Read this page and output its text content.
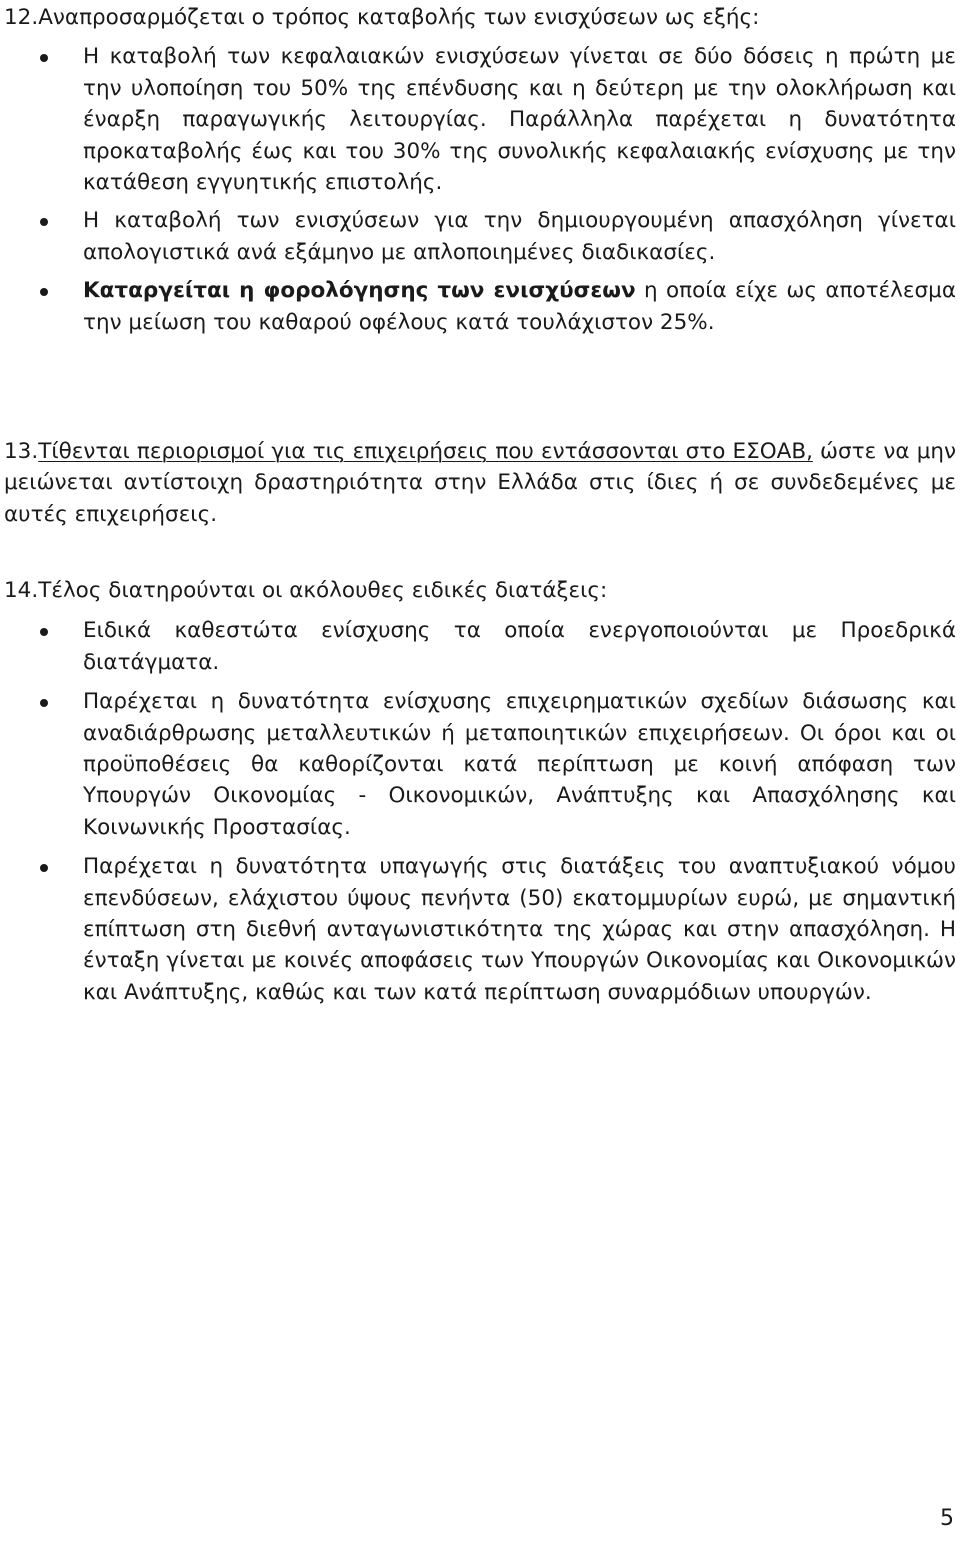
12.Αναπροσαρμόζεται ο τρόπος καταβολής των ενισχύσεων ως εξής:
Η καταβολή των κεφαλαιακών ενισχύσεων γίνεται σε δύο δόσεις η πρώτη με την υλοποίηση του 50% της επένδυσης και η δεύτερη με την ολοκλήρωση και έναρξη παραγωγικής λειτουργίας. Παράλληλα παρέχεται η δυνατότητα προκαταβολής έως και του 30% της συνολικής κεφαλαιακής ενίσχυσης με την κατάθεση εγγυητικής επιστολής.
Η καταβολή των ενισχύσεων για την δημιουργουμένη απασχόληση γίνεται απολογιστικά ανά εξάμηνο με απλοποιημένες διαδικασίες.
Καταργείται η φορολόγησης των ενισχύσεων η οποία είχε ως αποτέλεσμα την μείωση του καθαρού οφέλους κατά τουλάχιστον 25%.
13.Τίθενται περιορισμοί για τις επιχειρήσεις που εντάσσονται στο ΕΣΟΑΒ, ώστε να μην μειώνεται αντίστοιχη δραστηριότητα στην Ελλάδα στις ίδιες ή σε συνδεδεμένες με αυτές επιχειρήσεις.
14.Τέλος διατηρούνται οι ακόλουθες ειδικές διατάξεις:
Ειδικά καθεστώτα ενίσχυσης τα οποία ενεργοποιούνται με Προεδρικά διατάγματα.
Παρέχεται η δυνατότητα ενίσχυσης επιχειρηματικών σχεδίων διάσωσης και αναδιάρθρωσης μεταλλευτικών ή μεταποιητικών επιχειρήσεων. Οι όροι και οι προϋποθέσεις θα καθορίζονται κατά περίπτωση με κοινή απόφαση των Υπουργών Οικονομίας - Οικονομικών, Ανάπτυξης και Απασχόλησης και Κοινωνικής Προστασίας.
Παρέχεται η δυνατότητα υπαγωγής στις διατάξεις του αναπτυξιακού νόμου επενδύσεων, ελάχιστου ύψους πενήντα (50) εκατομμυρίων ευρώ, με σημαντική επίπτωση στη διεθνή ανταγωνιστικότητα της χώρας και στην απασχόληση. Η ένταξη γίνεται με κοινές αποφάσεις των Υπουργών Οικονομίας και Οικονομικών και Ανάπτυξης, καθώς και των κατά περίπτωση συναρμόδιων υπουργών.
5
